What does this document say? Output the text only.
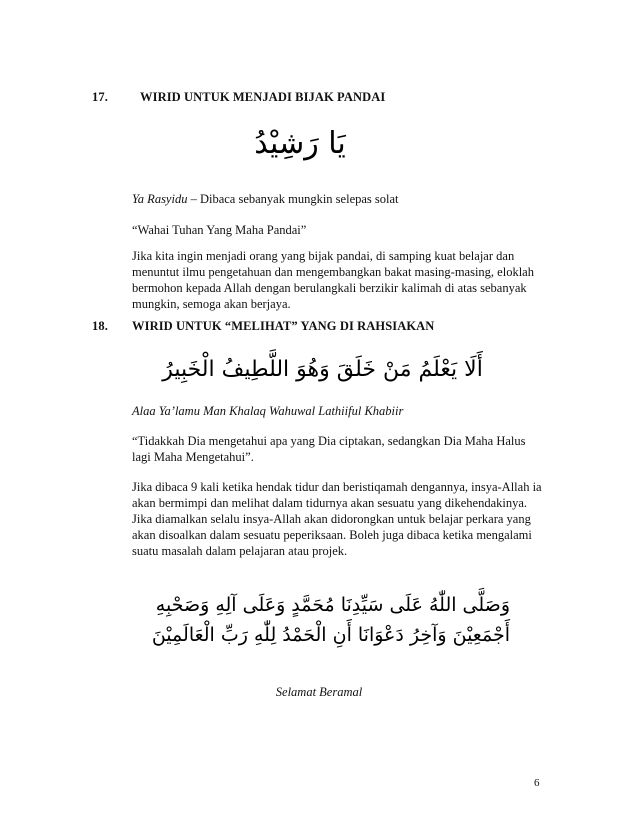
17.	WIRID UNTUK MENJADI BIJAK PANDAI
يَا رَشِيْدُ
Ya Rasyidu – Dibaca sebanyak mungkin selepas solat
“Wahai Tuhan Yang Maha Pandai”
Jika kita ingin menjadi orang yang bijak pandai, di samping kuat belajar dan
menuntut ilmu pengetahuan dan mengembangkan bakat masing-masing, eloklah
bermohon kepada Allah dengan berulangkali berzikir kalimah di atas sebanyak
mungkin, semoga akan berjaya.
18. WIRID UNTUK “MELIHAT” YANG DI RAHSIAKAN
أَلَا يَعْلَمُ مَنْ خَلَقَ وَهُوَ اللَّطِيفُ الْخَبِيرُ
Alaa Ya’lamu Man Khalaq Wahuwal Lathiiful Khabiir
“Tidakkah Dia mengetahui apa yang Dia ciptakan, sedangkan Dia Maha Halus
lagi Maha Mengetahui”.
Jika dibaca 9 kali ketika hendak tidur dan beristiqamah dengannya, insya-Allah ia
akan bermimpi dan melihat dalam tidurnya akan sesuatu yang dikehendakinya.
Jika diamalkan selalu insya-Allah akan didorongkan untuk belajar perkara yang
akan disoalkan dalam sesuatu peperiksaan. Boleh juga dibaca ketika mengalami
suatu masalah dalam pelajaran atau projek.
وَصَلَّى اللّٰهُ عَلَى سَيِّدِنَا مُحَمَّدٍ وَعَلَى آلِهِ وَصَحْبِهِ
أَجْمَعِيْنَ وَآخِرُ دَعْوَانَا أَنِ الْحَمْدُ لِلّٰهِ رَبِّ الْعَالَمِيْنَ
Selamat Beramal
6
